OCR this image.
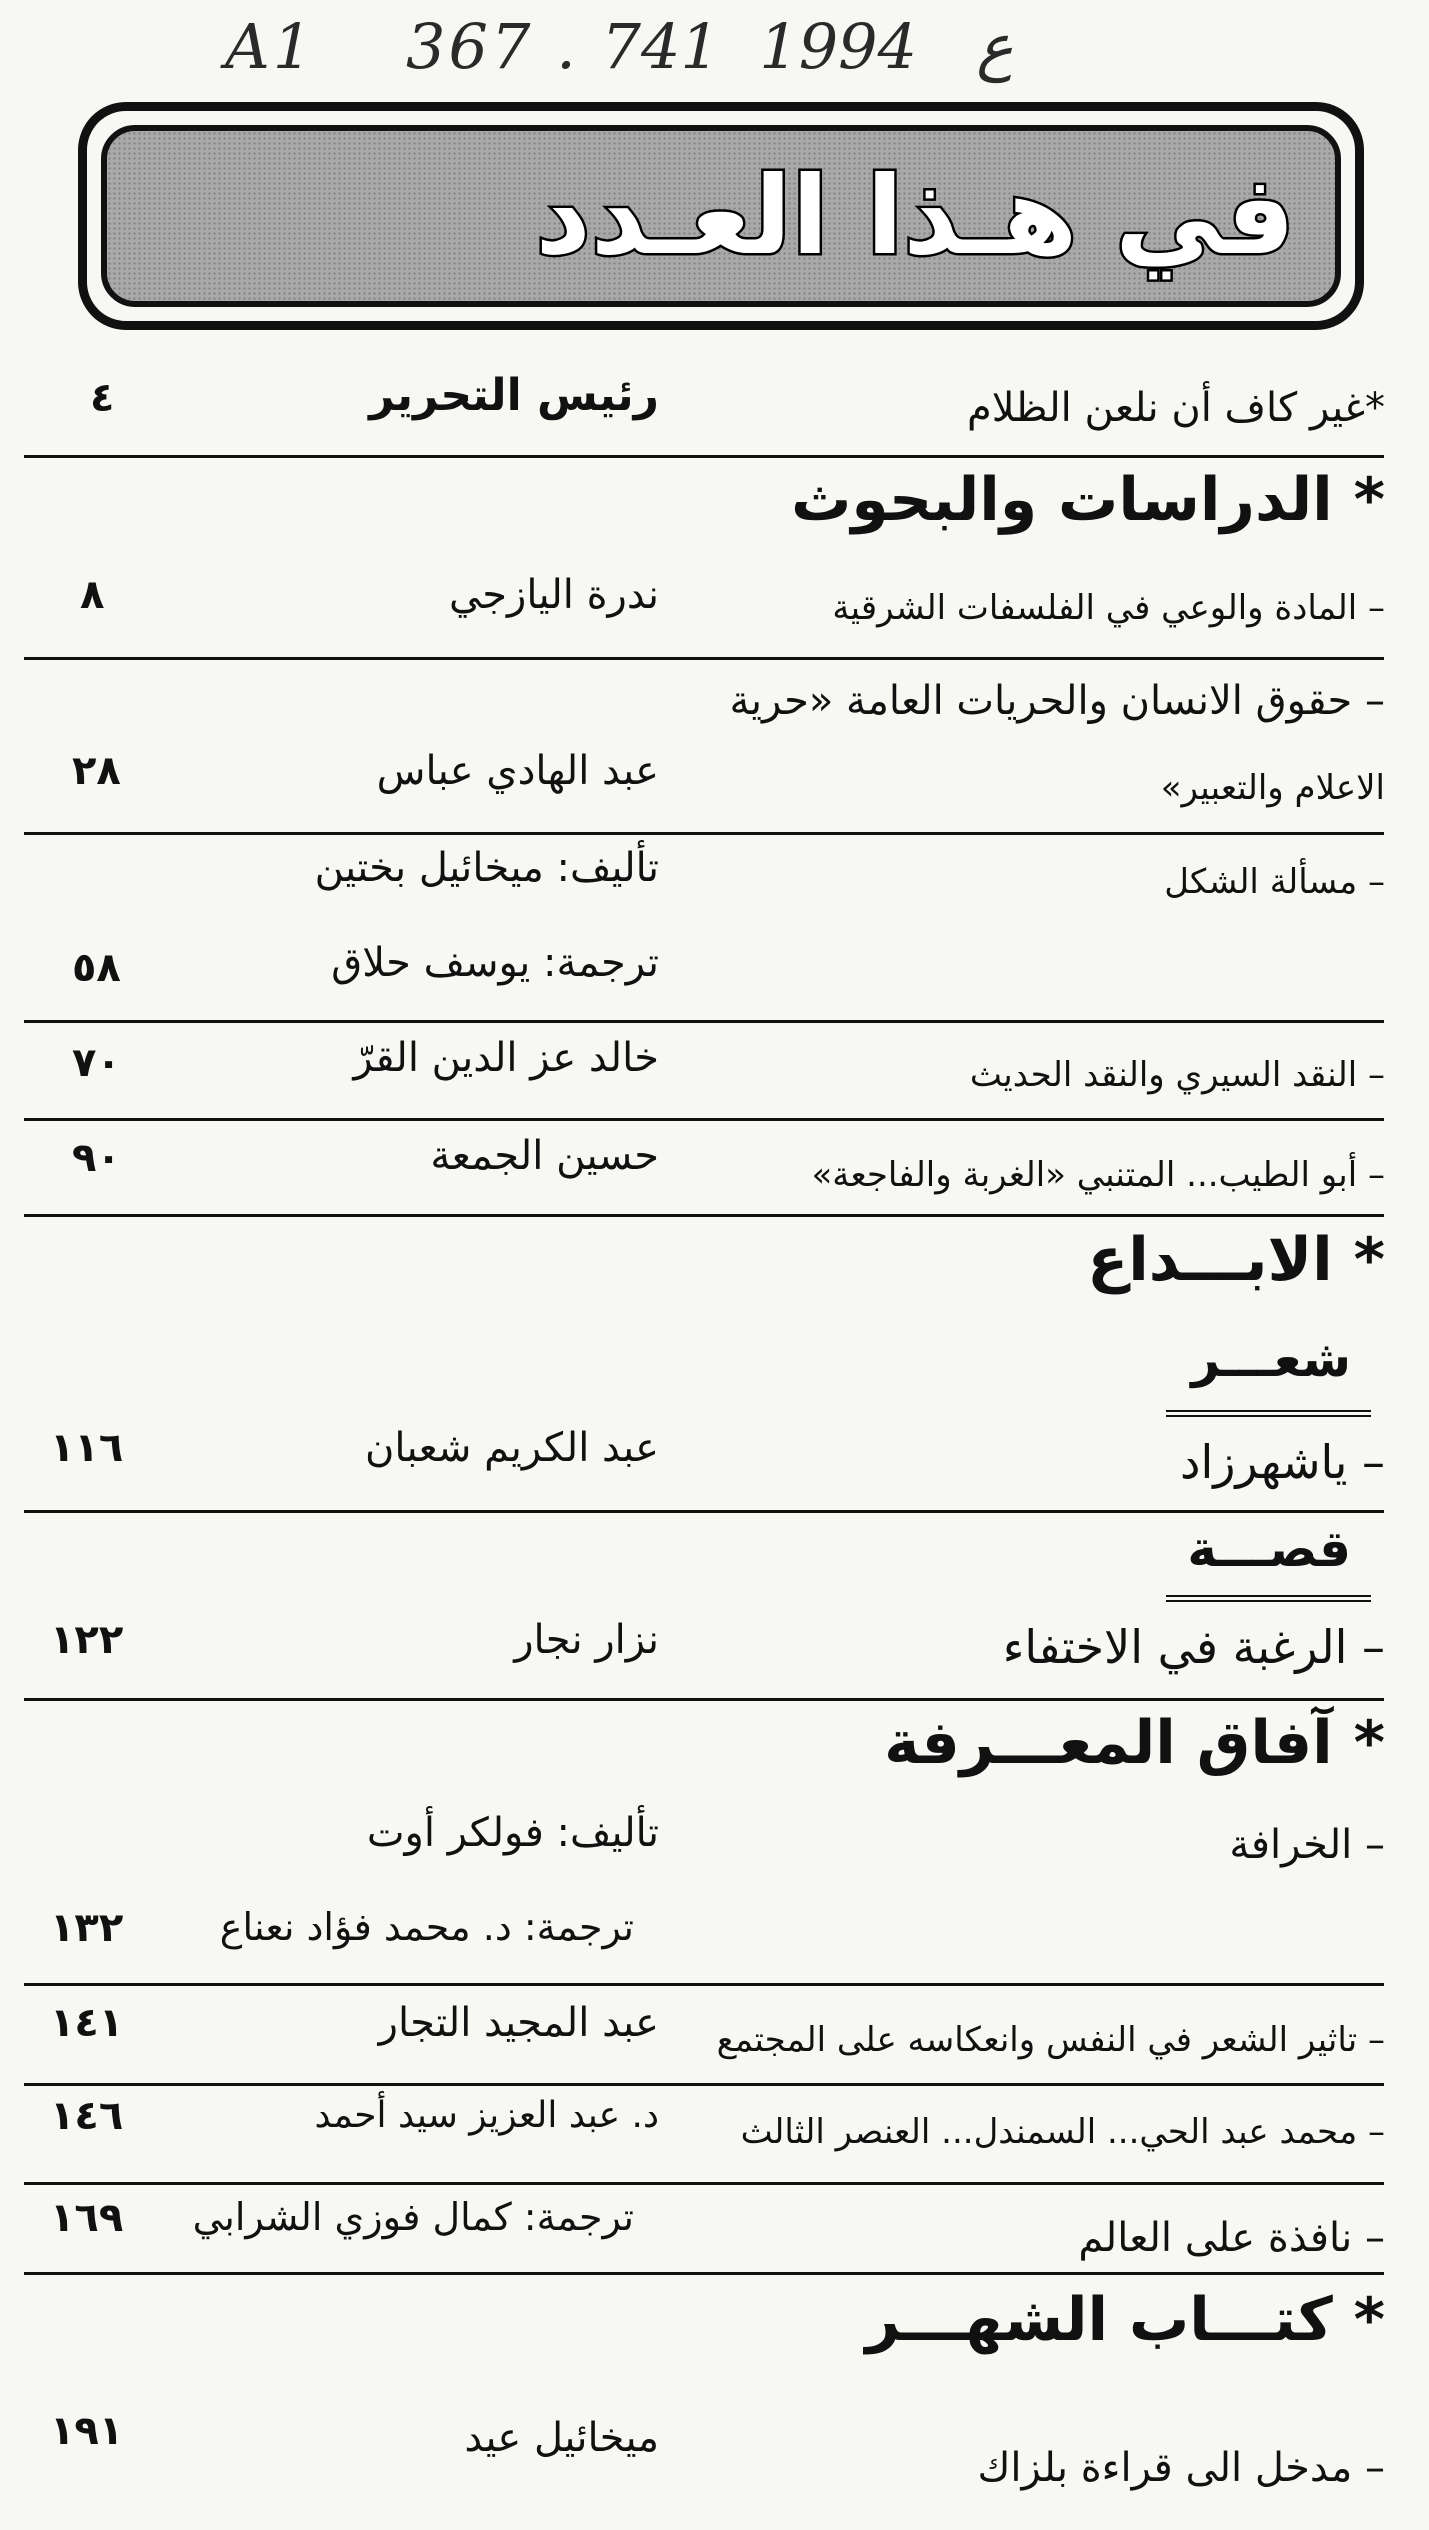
A1    367 . ع   1994  741
في هـذا العـدد
*غير كاف أن نلعن الظلام
رئيس التحرير
٤
* الدراسات والبحوث
– المادة والوعي في الفلسفات الشرقية
ندرة اليازجي
٨
– حقوق الانسان والحريات العامة «حرية
الاعلام والتعبير»
عبد الهادي عباس
٢٨
– مسألة الشكل
تأليف: ميخائيل بختين
ترجمة: يوسف حلاق
٥٨
– النقد السيري والنقد الحديث
خالد عز الدين القرّ
٧٠
– أبو الطيب... المتنبي «الغربة والفاجعة»
حسين الجمعة
٩٠
* الابـــداع
شعـــر
– ياشهرزاد
عبد الكريم شعبان
١١٦
قصـــة
– الرغبة في الاختفاء
نزار نجار
١٢٢
* آفاق المعـــرفة
– الخرافة
تأليف: فولكر أوت
ترجمة: د. محمد فؤاد نعناع
١٣٢
– تاثير الشعر في النفس وانعكاسه على المجتمع
عبد المجيد التجار
١٤١
– محمد عبد الحي... السمندل... العنصر الثالث
د. عبد العزيز سيد أحمد
١٤٦
– نافذة على العالم
ترجمة: كمال فوزي الشرابي
١٦٩
* كتـــاب الشهـــر
– مدخل الى قراءة بلزاك
ميخائيل عيد
١٩١
